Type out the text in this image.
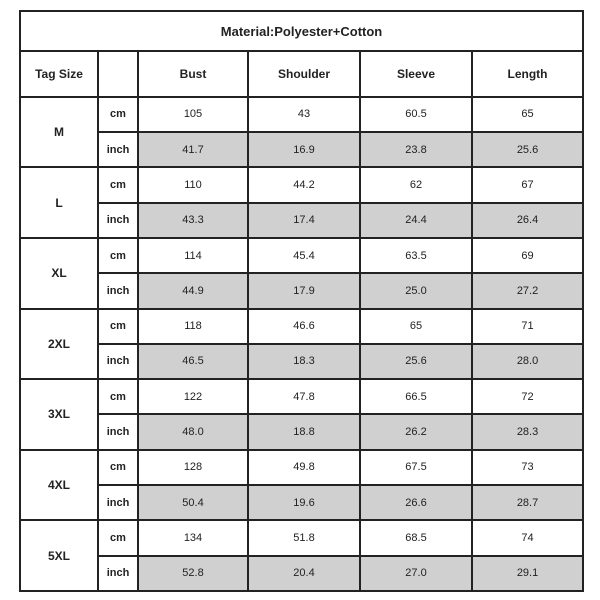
Material:Polyester+Cotton					
Tag Size		Bust	Shoulder	Sleeve	Length
M	cm	105	43	60.5	65
	inch	41.7	16.9	23.8	25.6
L	cm	110	44.2	62	67
	inch	43.3	17.4	24.4	26.4
XL	cm	114	45.4	63.5	69
	inch	44.9	17.9	25.0	27.2
2XL	cm	118	46.6	65	71
	inch	46.5	18.3	25.6	28.0
3XL	cm	122	47.8	66.5	72
	inch	48.0	18.8	26.2	28.3
4XL	cm	128	49.8	67.5	73
	inch	50.4	19.6	26.6	28.7
5XL	cm	134	51.8	68.5	74
	inch	52.8	20.4	27.0	29.1
